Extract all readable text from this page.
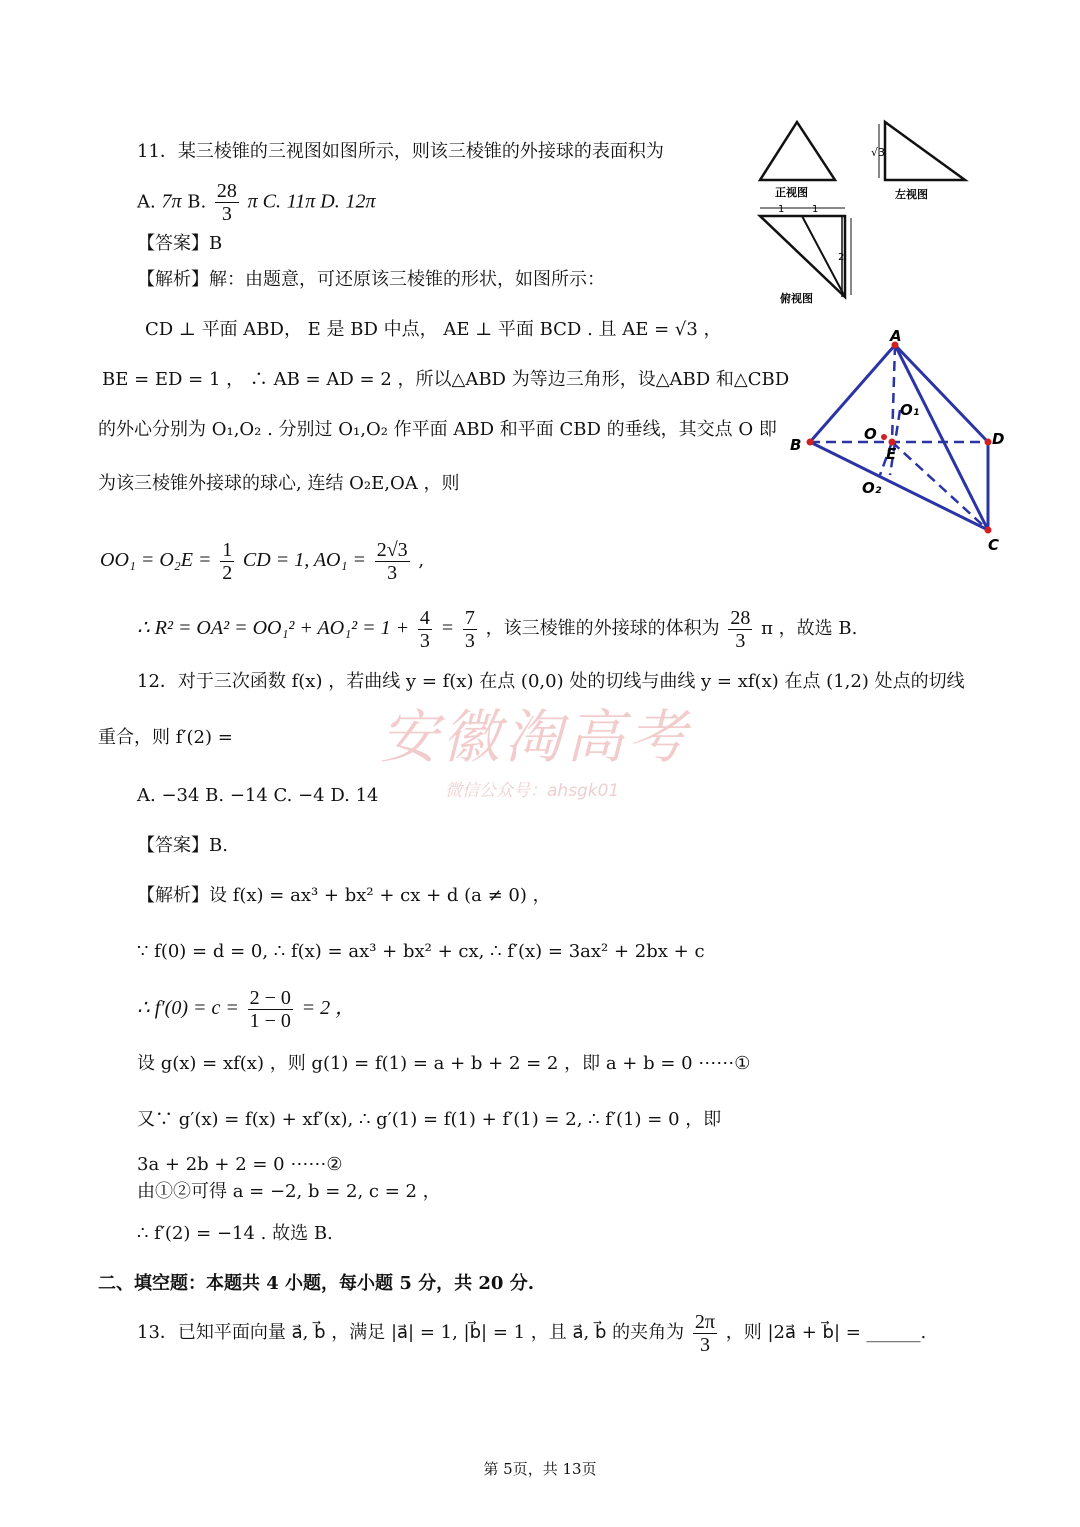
11．某三棱锥的三视图如图所示，则该三棱锥的外接球的表面积为
A. 7π B. $\frac{28}{3}$ π C. 11π D. 12π
【答案】B
【解析】解：由题意，可还原该三棱锥的形状，如图所示：
CD ⊥ 平面 ABD， E 是 BD 中点， AE ⊥ 平面 BCD . 且 AE = √3 ，
BE = ED = 1 ， ∴ AB = AD = 2 ，所以△ABD 为等边三角形，设△ABD 和△CBD
的外心分别为 O₁,O₂ . 分别过 O₁,O₂ 作平面 ABD 和平面 CBD 的垂线，其交点 O 即
为该三棱锥外接球的球心, 连结 O₂E,OA ，则
$OO_1 = O_2E = \frac{1}{2}$ CD = 1, $AO_1 = \frac{2√3}{3}$ ,
∴ $R^2 = OA^2 = OO_1^2 + AO_1^2 = 1 + \frac{4}{3} = \frac{7}{3}$ ，该三棱锥的外接球的体积为 $\frac{28}{3}$ π ，故选 B.
正视图
√3
左视图
1	1
2
俯视图
A
B	D
C
O
O₁
E
O₂
12．对于三次函数 f(x) ，若曲线 y = f(x) 在点 (0,0) 处的切线与曲线 y = xf(x) 在点 (1,2) 处点的切线
重合，则 f′(2) =
A. −34 B. −14 C. −4 D. 14
【答案】B.
【解析】设 f(x) = ax³ + bx² + cx + d (a ≠ 0) ，
∵ f(0) = d = 0, ∴ f(x) = ax³ + bx² + cx, ∴ f′(x) = 3ax² + 2bx + c
∴ $f'(0) = c = \frac{2 - 0}{1 - 0} = 2$ ，
设 g(x) = xf(x) ，则 g(1) = f(1) = a + b + 2 = 2 ，即 a + b = 0 ⋯⋯①
又∵ g′(x) = f(x) + xf′(x), ∴ g′(1) = f(1) + f′(1) = 2, ∴ f′(1) = 0 ，即
3a + 2b + 2 = 0 ⋯⋯②
由①②可得 a = −2, b = 2, c = 2 ，
∴ f′(2) = −14 . 故选 B.
二、填空题：本题共 4 小题，每小题 5 分，共 20 分.
13．已知平面向量 a⃗, b⃗ ，满足 |a⃗| = 1, |b⃗| = 1 ，且 a⃗, b⃗ 的夹角为 $\frac{2\pi}{3}$ ，则 |2a⃗ + b⃗| = ______.
安徽淘高考
微信公众号：ahsgk01
第 5页，共 13页
